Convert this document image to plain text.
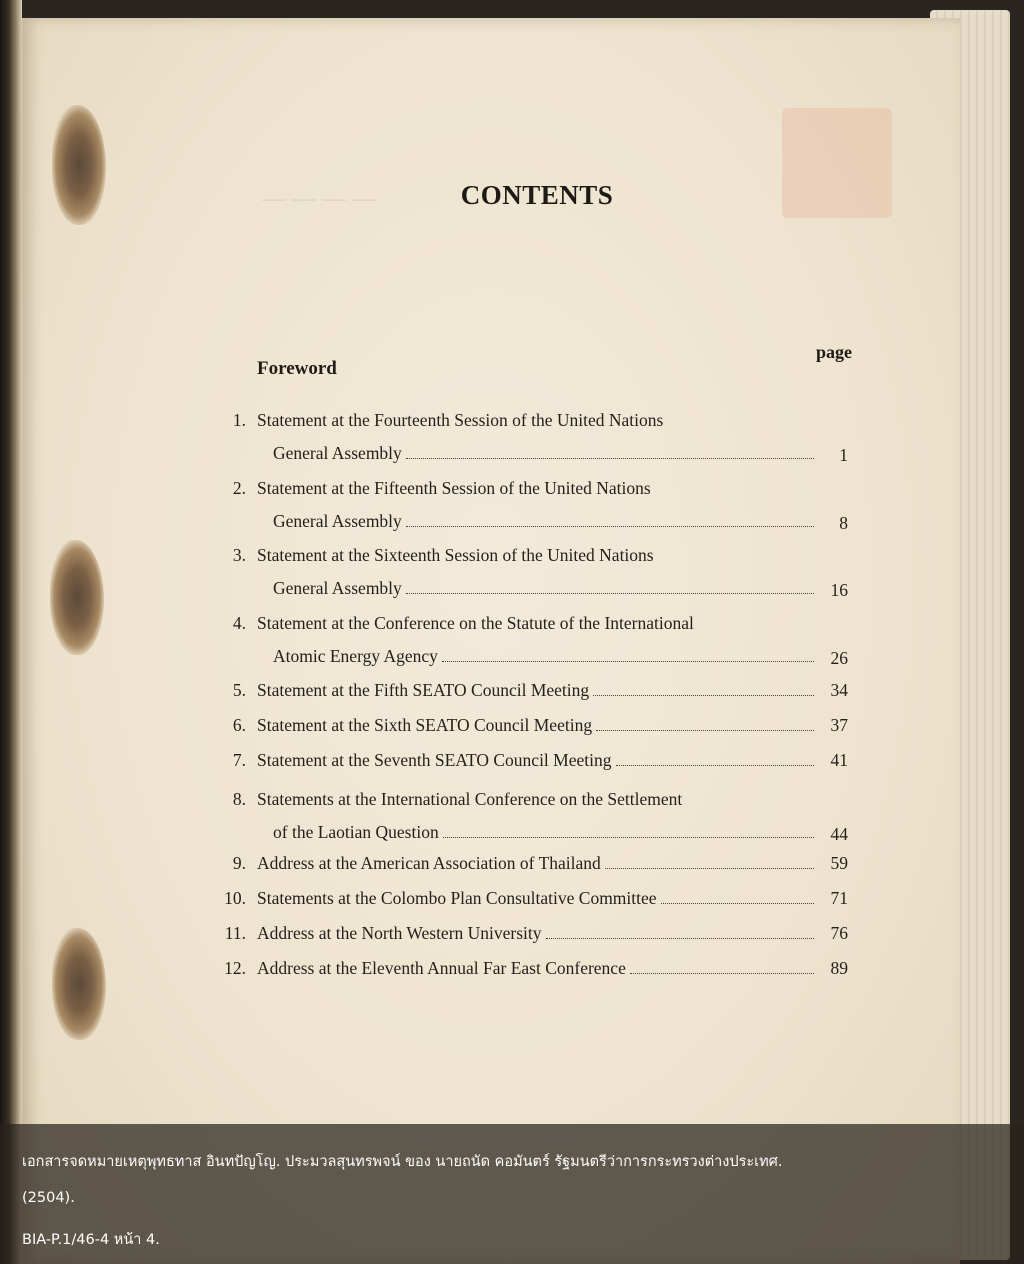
— — — —	CONTENTS
page
Foreword
1. Statement at the Fourteenth Session of the United Nations
General Assembly	1
2. Statement at the Fifteenth Session of the United Nations
General Assembly	8
3. Statement at the Sixteenth Session of the United Nations
General Assembly	16
4. Statement at the Conference on the Statute of the International
Atomic Energy Agency	26
5. Statement at the Fifth SEATO Council Meeting	34
6. Statement at the Sixth SEATO Council Meeting	37
7. Statement at the Seventh SEATO Council Meeting	41
8. Statements at the International Conference on the Settlement
of the Laotian Question	44
9. Address at the American Association of Thailand	59
10. Statements at the Colombo Plan Consultative Committee	71
11. Address at the North Western University	76
12. Address at the Eleventh Annual Far East Conference	89

เอกสารจดหมายเหตุพุทธทาส อินทปัญโญ. ประมวลสุนทรพจน์ ของ นายถนัด คอมันตร์ รัฐมนตรีว่าการกระทรวงต่างประเทศ.

(2504).

BIA-P.1/46-4 หน้า 4.
